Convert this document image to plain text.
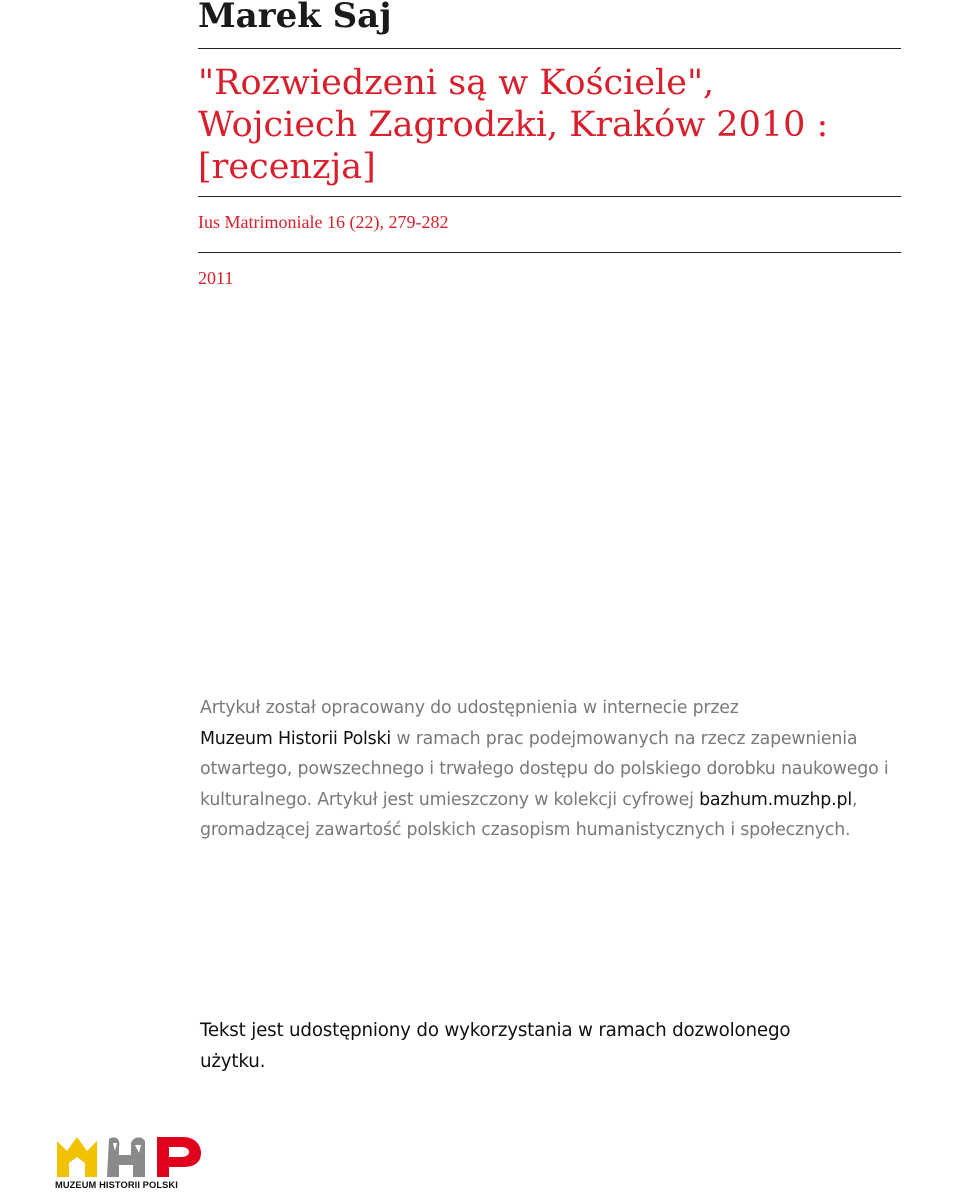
Marek Saj
"Rozwiedzeni są w Kościele", Wojciech Zagrodzki, Kraków 2010 : [recenzja]

Ius Matrimoniale 16 (22), 279-282

2011

Artykuł został opracowany do udostępnienia w internecie przez
Muzeum Historii Polski w ramach prac podejmowanych na rzecz zapewnienia otwartego, powszechnego i trwałego dostępu do polskiego dorobku naukowego i kulturalnego. Artykuł jest umieszczony w kolekcji cyfrowej bazhum.muzhp.pl, gromadzącej zawartość polskich czasopism humanistycznych i społecznych.

Tekst jest udostępniony do wykorzystania w ramach dozwolonego użytku.

MUZEUM HISTORII POLSKI
